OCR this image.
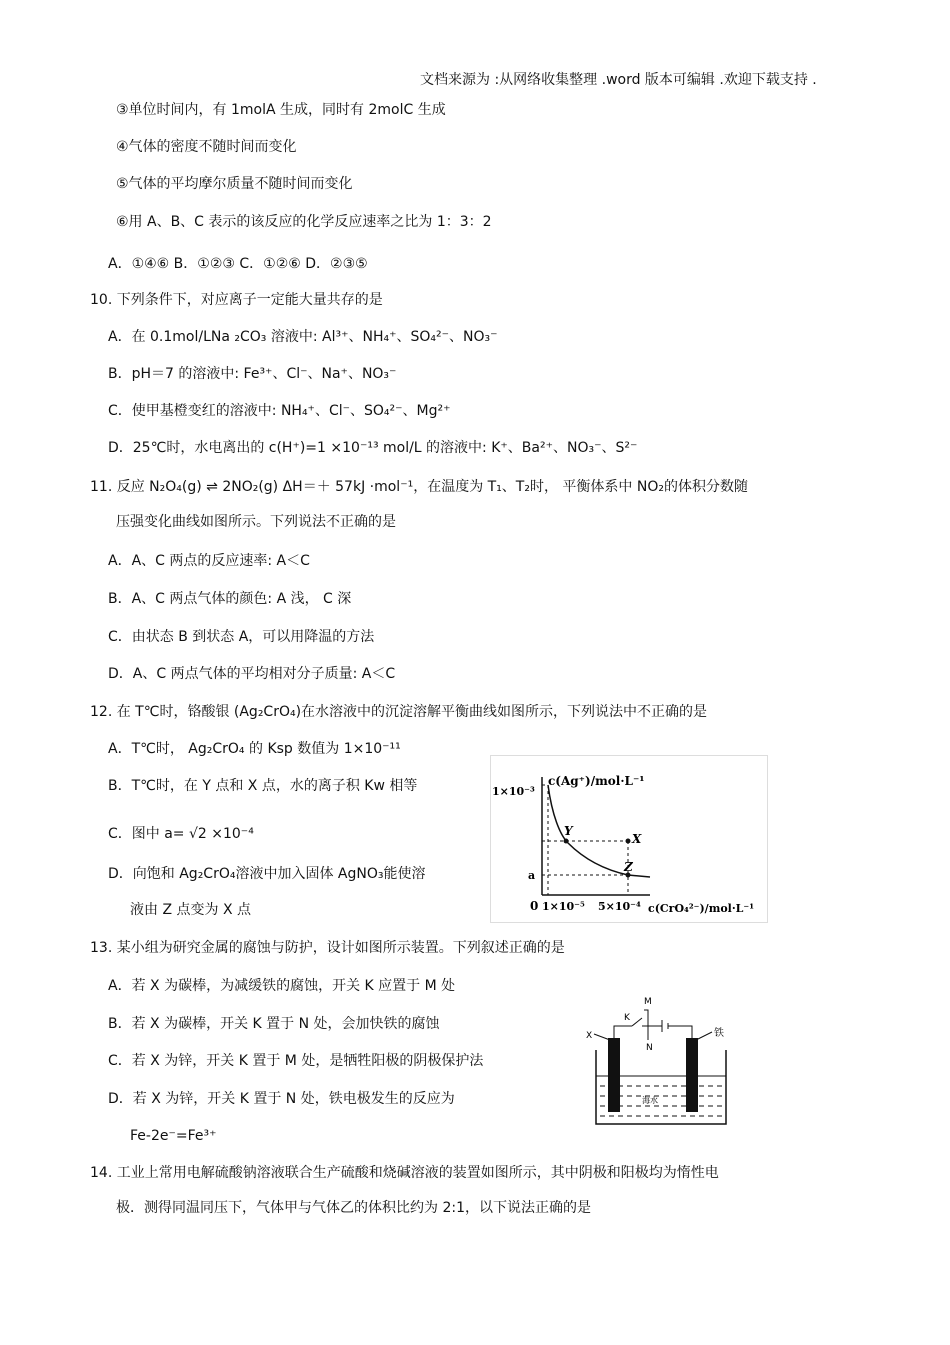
文档来源为 :从网络收集整理 .word 版本可编辑 .欢迎下载支持 .
③单位时间内，有 1molA 生成，同时有 2molC 生成
④气体的密度不随时间而变化
⑤气体的平均摩尔质量不随时间而变化
⑥用 A、B、C 表示的该反应的化学反应速率之比为 1：3：2
A．①④⑥ B．①②③ C．①②⑥ D．②③⑤
10. 下列条件下，对应离子一定能大量共存的是
A．在 0.1mol/LNa ₂CO₃ 溶液中: Al³⁺、NH₄⁺、SO₄²⁻、NO₃⁻
B．pH＝7 的溶液中: Fe³⁺、Cl⁻、Na⁺、NO₃⁻
C．使甲基橙变红的溶液中: NH₄⁺、Cl⁻、SO₄²⁻、Mg²⁺
D．25℃时，水电离出的 c(H⁺)=1 ×10⁻¹³ mol/L 的溶液中: K⁺、Ba²⁺、NO₃⁻、S²⁻
11. 反应 N₂O₄(g) ⇌ 2NO₂(g) ΔH＝＋ 57kJ ·mol⁻¹，在温度为 T₁、T₂时， 平衡体系中 NO₂的体积分数随
压强变化曲线如图所示。下列说法不正确的是
A．A、C 两点的反应速率: A＜C
B．A、C 两点气体的颜色: A 浅， C 深
C．由状态 B 到状态 A，可以用降温的方法
D．A、C 两点气体的平均相对分子质量: A＜C
12. 在 T℃时，铬酸银 (Ag₂CrO₄)在水溶液中的沉淀溶解平衡曲线如图所示，下列说法中不正确的是
A．T℃时， Ag₂CrO₄ 的 Ksp 数值为 1×10⁻¹¹
B．T℃时，在 Y 点和 X 点，水的离子积 Kw 相等
C．图中 a= √2 ×10⁻⁴
D．向饱和 Ag₂CrO₄溶液中加入固体 AgNO₃能使溶
液由 Z 点变为 X 点
c(Ag⁺)/mol·L⁻¹
1×10⁻³
a
0 1×10⁻⁵ 5×10⁻⁴ c(CrO₄²⁻)/mol·L⁻¹
Y
X
Z
13. 某小组为研究金属的腐蚀与防护，设计如图所示装置。下列叙述正确的是
A．若 X 为碳棒，为减缓铁的腐蚀，开关 K 应置于 M 处
B．若 X 为碳棒，开关 K 置于 N 处，会加快铁的腐蚀
C．若 X 为锌，开关 K 置于 M 处，是牺牲阳极的阴极保护法
D．若 X 为锌，开关 K 置于 N 处，铁电极发生的反应为
Fe-2e⁻=Fe³⁺
M
K
N
X	铁
海水
14. 工业上常用电解硫酸钠溶液联合生产硫酸和烧碱溶液的装置如图所示，其中阴极和阳极均为惰性电
极．测得同温同压下，气体甲与气体乙的体积比约为 2:1，以下说法正确的是
